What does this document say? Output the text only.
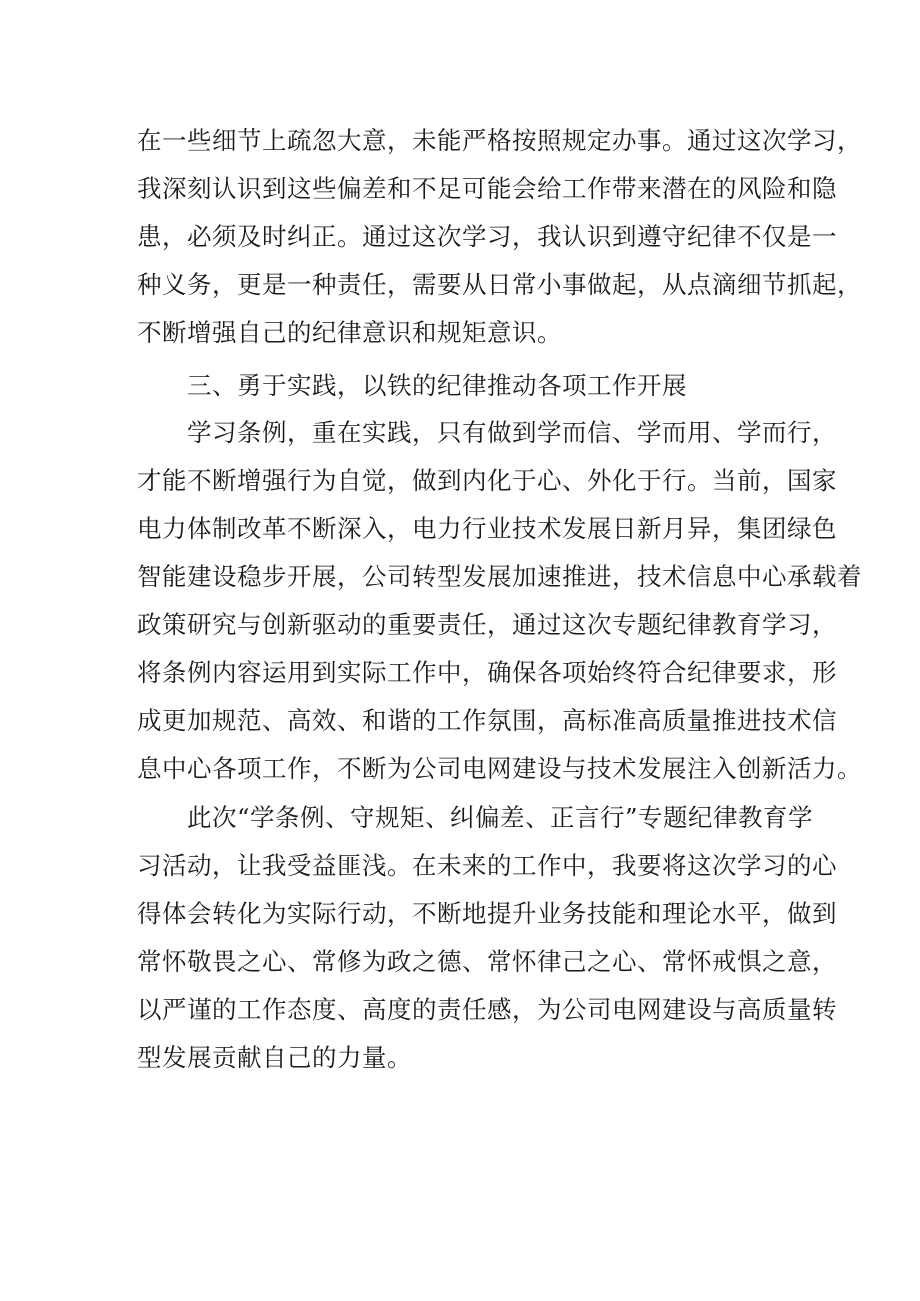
在一些细节上疏忽大意，未能严格按照规定办事。通过这次学习，
我深刻认识到这些偏差和不足可能会给工作带来潜在的风险和隐
患，必须及时纠正。通过这次学习，我认识到遵守纪律不仅是一
种义务，更是一种责任，需要从日常小事做起，从点滴细节抓起，
不断增强自己的纪律意识和规矩意识。
三、勇于实践，以铁的纪律推动各项工作开展
学习条例，重在实践，只有做到学而信、学而用、学而行，
才能不断增强行为自觉，做到内化于心、外化于行。当前，国家
电力体制改革不断深入，电力行业技术发展日新月异，集团绿色
智能建设稳步开展，公司转型发展加速推进，技术信息中心承载着
政策研究与创新驱动的重要责任，通过这次专题纪律教育学习，
将条例内容运用到实际工作中，确保各项始终符合纪律要求，形
成更加规范、高效、和谐的工作氛围，高标准高质量推进技术信
息中心各项工作，不断为公司电网建设与技术发展注入创新活力。
此次“学条例、守规矩、纠偏差、正言行”专题纪律教育学
习活动，让我受益匪浅。在未来的工作中，我要将这次学习的心
得体会转化为实际行动，不断地提升业务技能和理论水平，做到
常怀敬畏之心、常修为政之德、常怀律己之心、常怀戒惧之意，
以严谨的工作态度、高度的责任感，为公司电网建设与高质量转
型发展贡献自己的力量。
